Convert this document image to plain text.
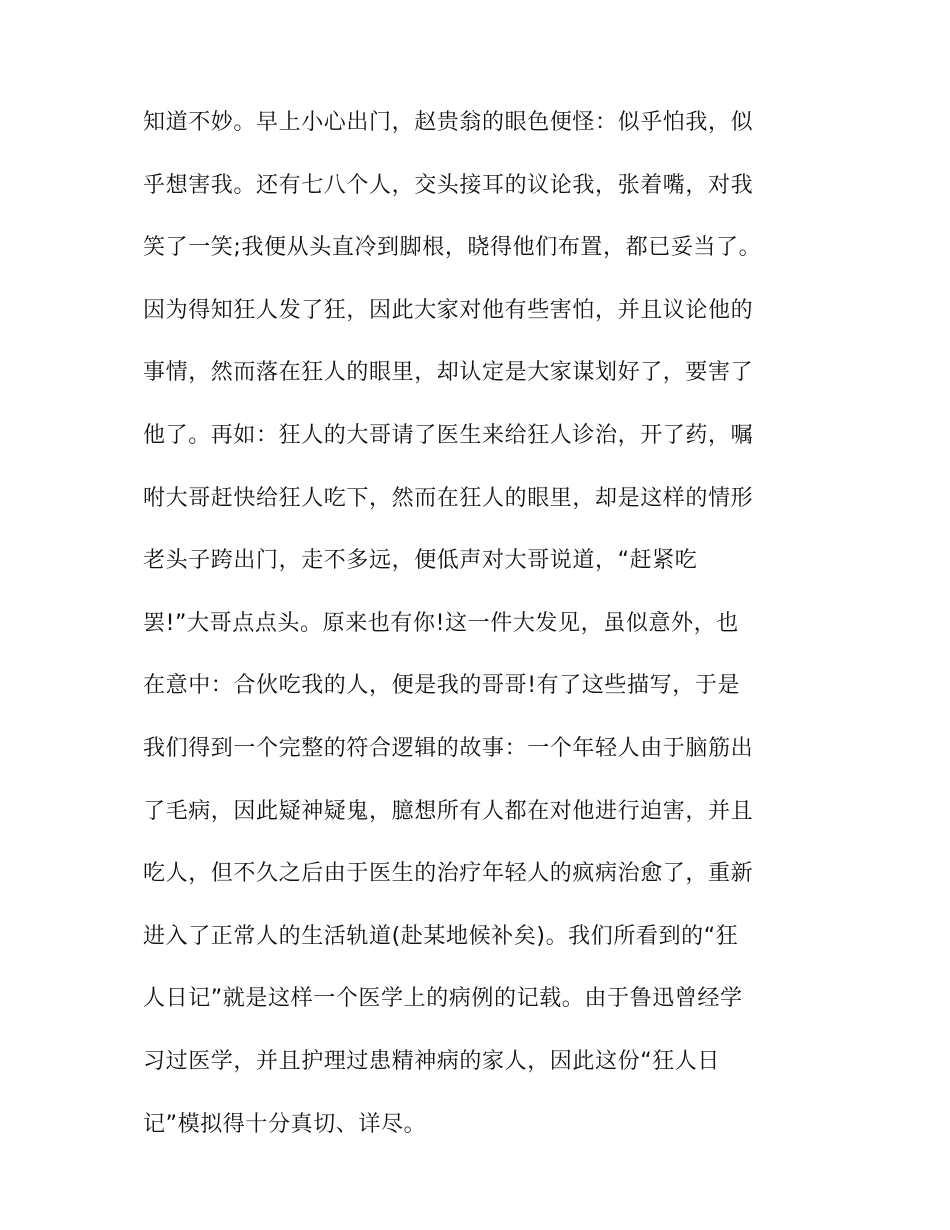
知道不妙。早上小心出门，赵贵翁的眼色便怪：似乎怕我，似
乎想害我。还有七八个人，交头接耳的议论我，张着嘴，对我
笑了一笑;我便从头直冷到脚根，晓得他们布置，都已妥当了。
因为得知狂人发了狂，因此大家对他有些害怕，并且议论他的
事情，然而落在狂人的眼里，却认定是大家谋划好了，要害了
他了。再如：狂人的大哥请了医生来给狂人诊治，开了药，嘱
咐大哥赶快给狂人吃下，然而在狂人的眼里，却是这样的情形
老头子跨出门，走不多远，便低声对大哥说道，“赶紧吃
罢!”大哥点点头。原来也有你!这一件大发见，虽似意外，也
在意中：合伙吃我的人，便是我的哥哥!有了这些描写，于是
我们得到一个完整的符合逻辑的故事：一个年轻人由于脑筋出
了毛病，因此疑神疑鬼，臆想所有人都在对他进行迫害，并且
吃人，但不久之后由于医生的治疗年轻人的疯病治愈了，重新
进入了正常人的生活轨道(赴某地候补矣)。我们所看到的“狂
人日记”就是这样一个医学上的病例的记载。由于鲁迅曾经学
习过医学，并且护理过患精神病的家人，因此这份“狂人日
记”模拟得十分真切、详尽。
